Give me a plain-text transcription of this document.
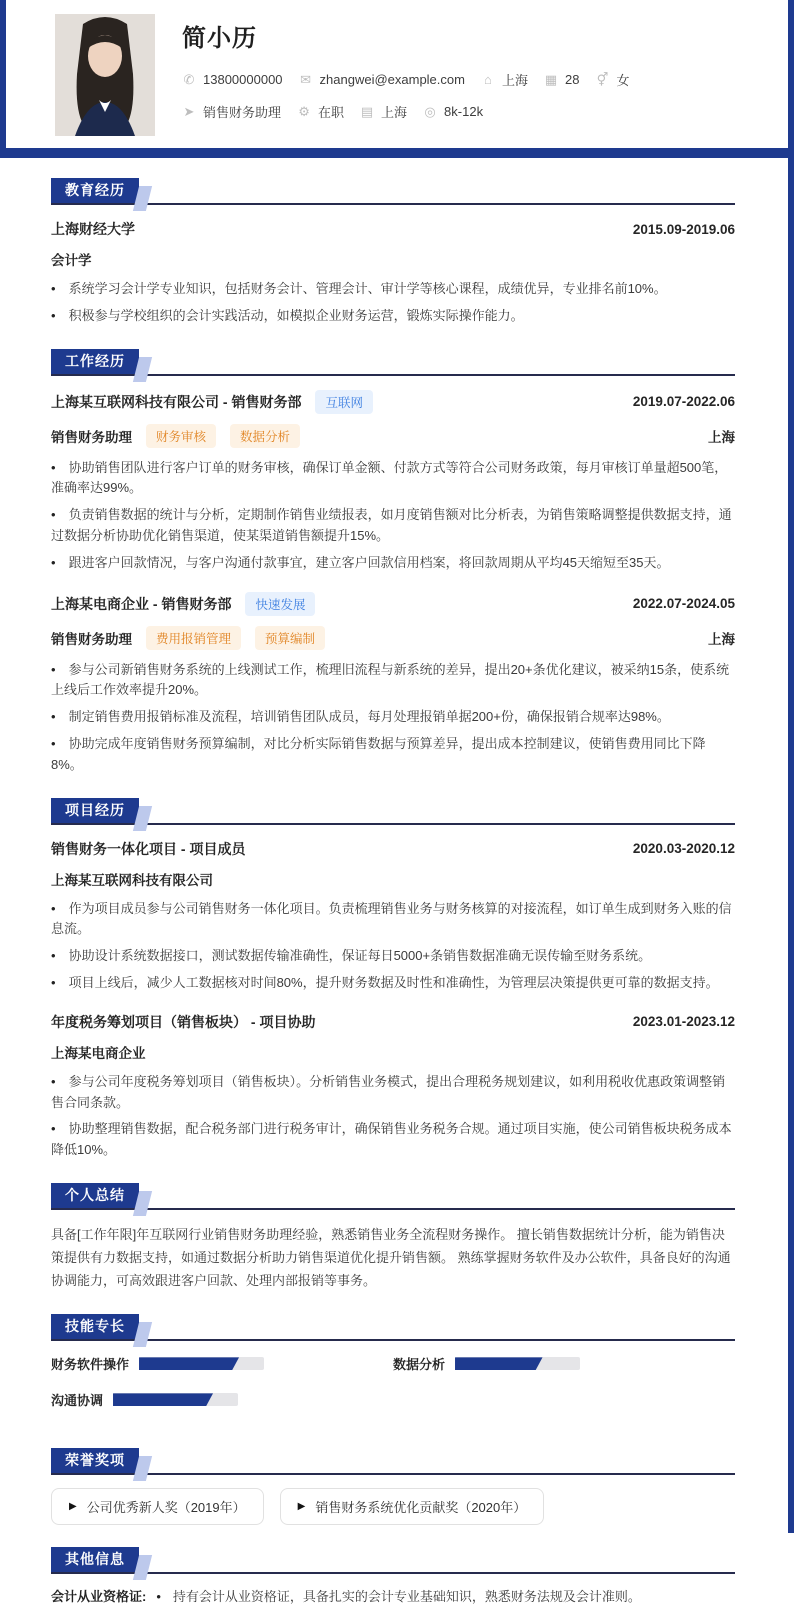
简小历
✆ 13800000000 ✉ zhangwei@example.com ⌂ 上海 ▦ 28 ⚥ 女
➤ 销售财务助理 ⚙ 在职 ▤ 上海 ◎ 8k-12k
教育经历
上海财经大学	2015.09-2019.06
会计学

• 系统学习会计学专业知识，包括财务会计、管理会计、审计学等核心课程，成绩优异，专业排名前10%。

• 积极参与学校组织的会计实践活动，如模拟企业财务运营，锻炼实际操作能力。

工作经历
上海某互联网科技有限公司 - 销售财务部	互联网	2019.07-2022.06
销售财务助理	财务审核	数据分析	上海

• 协助销售团队进行客户订单的财务审核，确保订单金额、付款方式等符合公司财务政策，每月审核订单量超500笔，准确率达99%。

• 负责销售数据的统计与分析，定期制作销售业绩报表，如月度销售额对比分析表，为销售策略调整提供数据支持，通过数据分析协助优化销售渠道，使某渠道销售额提升15%。

• 跟进客户回款情况，与客户沟通付款事宜，建立客户回款信用档案，将回款周期从平均45天缩短至35天。

上海某电商企业 - 销售财务部	快速发展	2022.07-2024.05
销售财务助理	费用报销管理	预算编制	上海

• 参与公司新销售财务系统的上线测试工作，梳理旧流程与新系统的差异，提出20+条优化建议，被采纳15条，使系统上线后工作效率提升20%。

• 制定销售费用报销标准及流程，培训销售团队成员，每月处理报销单据200+份，确保报销合规率达98%。

• 协助完成年度销售财务预算编制，对比分析实际销售数据与预算差异，提出成本控制建议，使销售费用同比下降8%。

项目经历
销售财务一体化项目 - 项目成员	2020.03-2020.12
上海某互联网科技有限公司

• 作为项目成员参与公司销售财务一体化项目。负责梳理销售业务与财务核算的对接流程，如订单生成到财务入账的信息流。

• 协助设计系统数据接口，测试数据传输准确性，保证每日5000+条销售数据准确无误传输至财务系统。

• 项目上线后，减少人工数据核对时间80%，提升财务数据及时性和准确性，为管理层决策提供更可靠的数据支持。

年度税务筹划项目（销售板块） - 项目协助	2023.01-2023.12
上海某电商企业

• 参与公司年度税务筹划项目（销售板块）。分析销售业务模式，提出合理税务规划建议，如利用税收优惠政策调整销售合同条款。

• 协助整理销售数据，配合税务部门进行税务审计，确保销售业务税务合规。通过项目实施，使公司销售板块税务成本降低10%。

个人总结

具备[工作年限]年互联网行业销售财务助理经验，熟悉销售业务全流程财务操作。 擅长销售数据统计分析，能为销售决策提供有力数据支持，如通过数据分析助力销售渠道优化提升销售额。 熟练掌握财务软件及办公软件，具备良好的沟通协调能力，可高效跟进客户回款、处理内部报销等事务。

技能专长
财务软件操作	数据分析
沟通协调
荣誉奖项
▶ 公司优秀新人奖（2019年）	▶ 销售财务系统优化贡献奖（2020年）
其他信息

会计从业资格证: • 持有会计从业资格证，具备扎实的会计专业基础知识，熟悉财务法规及会计准则。
